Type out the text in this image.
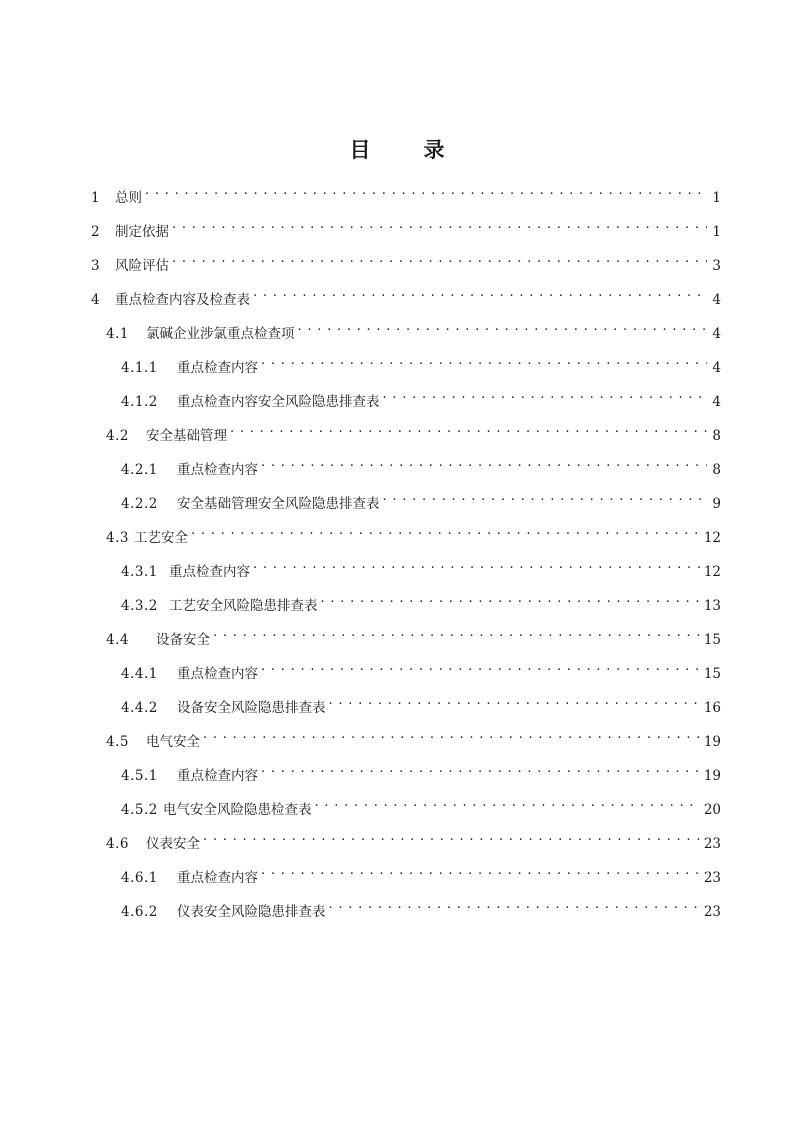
目　录
1	总则 . . .	1
2	制定依据 . . .	1
3	风险评估 . . .	3
4	重点检查内容及检查表 . . .	4
4.1	氯碱企业涉氯重点检查项 . . .	4
4.1.1	重点检查内容 . . .	4
4.1.2	重点检查内容安全风险隐患排查表 . . .	4
4.2	安全基础管理 . . .	8
4.2.1	重点检查内容 . . .	8
4.2.2	安全基础管理安全风险隐患排查表 . . .	9
4.3 工艺安全 . . .	12
4.3.1 重点检查内容 . . .	12
4.3.2 工艺安全风险隐患排查表 . . .	13
4.4	设备安全 . . .	15
4.4.1	重点检查内容 . . .	15
4.4.2	设备安全风险隐患排查表 . . .	16
4.5	电气安全 . . .	19
4.5.1	重点检查内容 . . .	19
4.5.2 电气安全风险隐患检查表 . . .	20
4.6	仪表安全 . . .	23
4.6.1	重点检查内容 . . .	23
4.6.2	仪表安全风险隐患排查表 . . .	23
